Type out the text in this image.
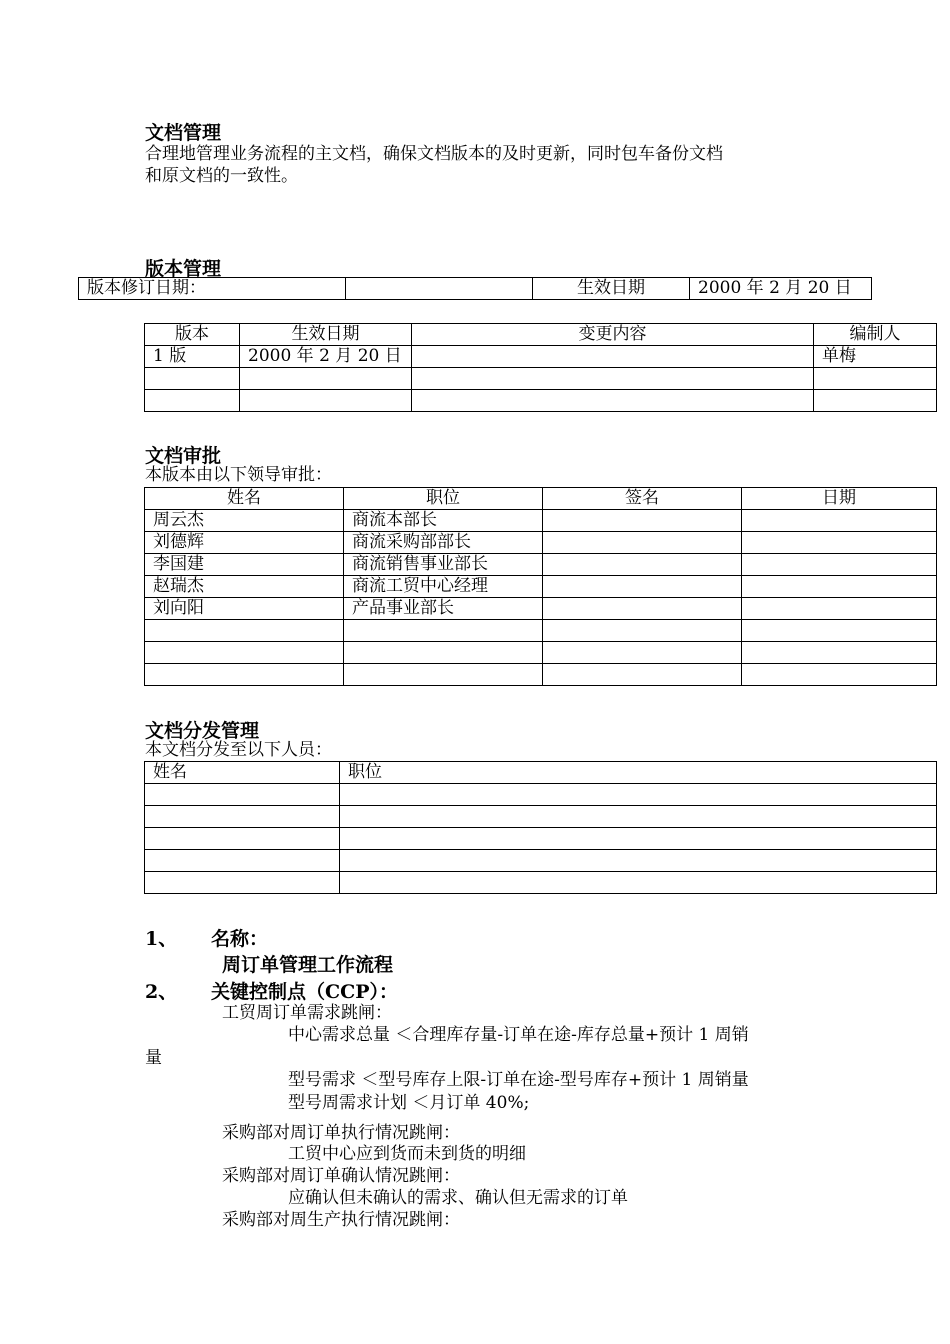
文档管理
合理地管理业务流程的主文档，确保文档版本的及时更新，同时包车备份文档
和原文档的一致性。
版本管理
版本修订日期：		生效日期	2000 年 2 月 20 日
版本	生效日期	变更内容	编制人
1 版	2000 年 2 月 20 日		单梅

文档审批
本版本由以下领导审批：
姓名	职位	签名	日期
周云杰	商流本部长		
刘德辉	商流采购部部长		
李国建	商流销售事业部长		
赵瑞杰	商流工贸中心经理		
刘向阳	产品事业部长		

文档分发管理
本文档分发至以下人员：
姓名	职位

1、 名称：
周订单管理工作流程
2、 关键控制点（CCP）：
工贸周订单需求跳闸：
中心需求总量 ＜合理库存量-订单在途-库存总量+预计 1 周销
量
型号需求 ＜型号库存上限-订单在途-型号库存+预计 1 周销量
型号周需求计划 ＜月订单 40%;
采购部对周订单执行情况跳闸：
工贸中心应到货而未到货的明细
采购部对周订单确认情况跳闸：
应确认但未确认的需求、确认但无需求的订单
采购部对周生产执行情况跳闸：
